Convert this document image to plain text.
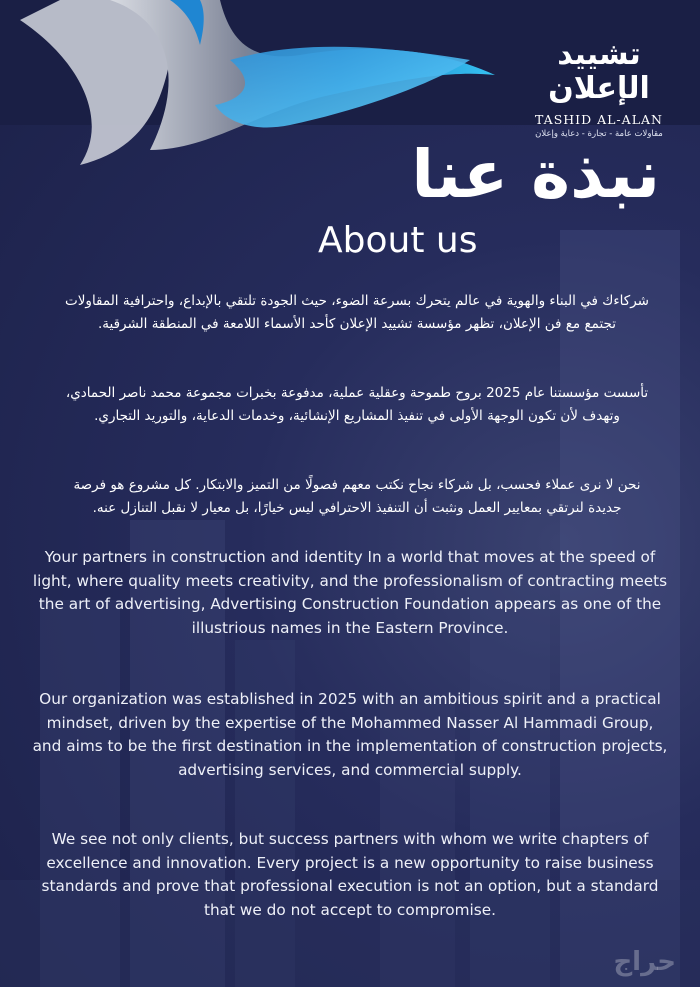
تشييد الإعلان
TASHID AL-ALAN
مقاولات عامة - تجارة - دعاية وإعلان
نبذة عنا
About us
شركاءك في البناء والهوية في عالم يتحرك بسرعة الضوء، حيث الجودة تلتقي بالإبداع، واحترافية المقاولات تجتمع مع فن الإعلان، تظهر مؤسسة تشييد الإعلان كأحد الأسماء اللامعة في المنطقة الشرقية.
تأسست مؤسستنا عام 2025 بروح طموحة وعقلية عملية، مدفوعة بخبرات مجموعة محمد ناصر الحمادي، وتهدف لأن تكون الوجهة الأولى في تنفيذ المشاريع الإنشائية، وخدمات الدعاية، والتوريد التجاري.
نحن لا نرى عملاء فحسب، بل شركاء نجاح نكتب معهم فصولًا من التميز والابتكار. كل مشروع هو فرصة جديدة لنرتقي بمعايير العمل ونثبت أن التنفيذ الاحترافي ليس خيارًا، بل معيار لا نقبل التنازل عنه.
Your partners in construction and identity In a world that moves at the speed of light, where quality meets creativity, and the professionalism of contracting meets the art of advertising, Advertising Construction Foundation appears as one of the illustrious names in the Eastern Province.
Our organization was established in 2025 with an ambitious spirit and a practical mindset, driven by the expertise of the Mohammed Nasser Al Hammadi Group, and aims to be the first destination in the implementation of construction projects, advertising services, and commercial supply.
We see not only clients, but success partners with whom we write chapters of excellence and innovation. Every project is a new opportunity to raise business standards and prove that professional execution is not an option, but a standard that we do not accept to compromise.
حراج
